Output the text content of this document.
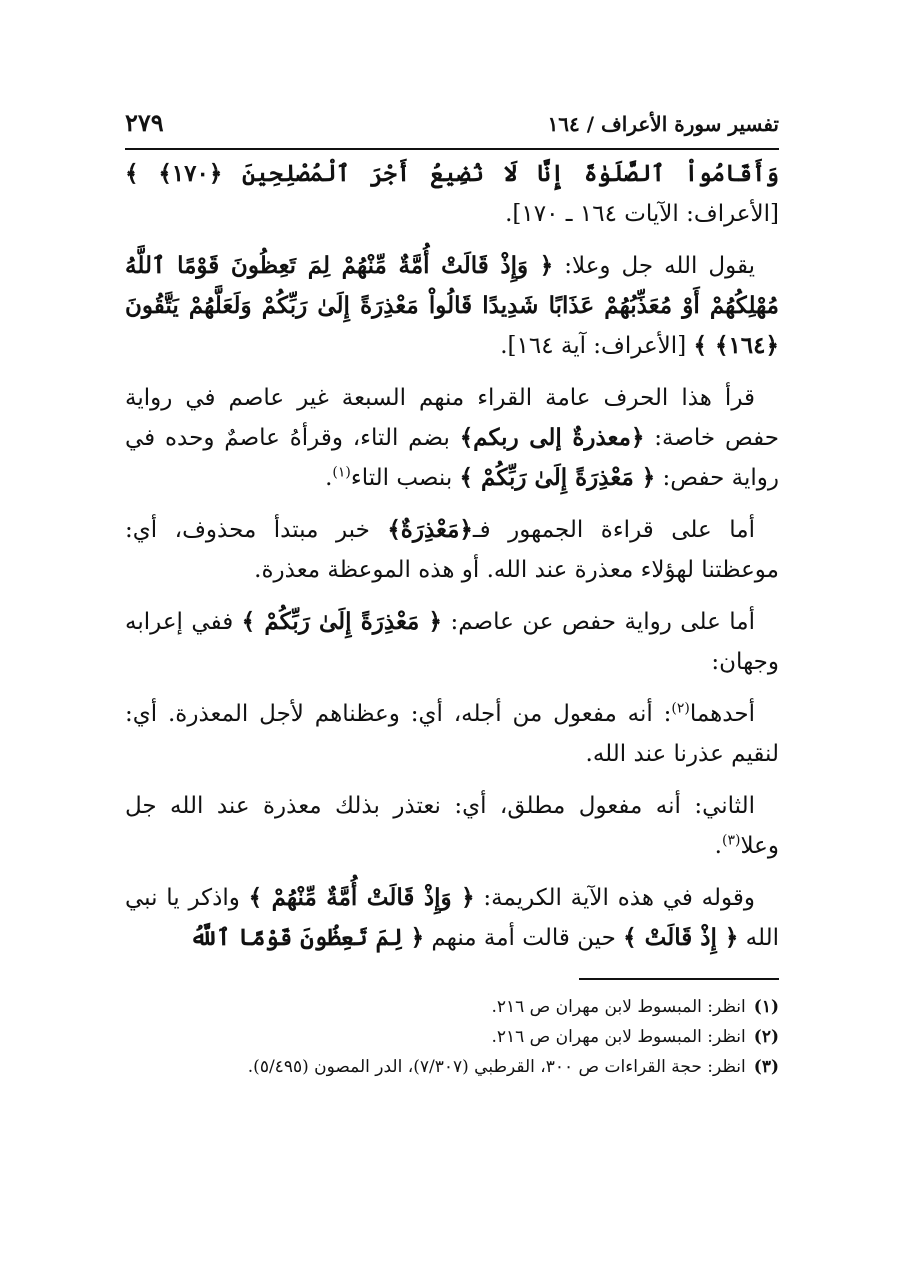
تفسير سورة الأعراف / ١٦٤
٢٧٩

وَأَقَامُواْ ٱلصَّلَوٰةَ إِنَّا لَا نُضِيعُ أَجْرَ ٱلْمُصْلِحِينَ ﴿١٧٠﴾ ﴾ [الأعراف: الآيات ١٦٤ ـ ١٧٠].

يقول الله جل وعلا: ﴿ وَإِذْ قَالَتْ أُمَّةٌ مِّنْهُمْ لِمَ تَعِظُونَ قَوْمًا ٱللَّهُ مُهْلِكُهُمْ أَوْ مُعَذِّبُهُمْ عَذَابًا شَدِيدًا قَالُواْ مَعْذِرَةً إِلَىٰ رَبِّكُمْ وَلَعَلَّهُمْ يَتَّقُونَ ﴿١٦٤﴾ ﴾ [الأعراف: آية ١٦٤].

قرأ هذا الحرف عامة القراء منهم السبعة غير عاصم في رواية حفص خاصة: ﴿معذرةٌ إلى ربكم﴾ بضم التاء، وقرأهُ عاصمٌ وحده في رواية حفص: ﴿ مَعْذِرَةً إِلَىٰ رَبِّكُمْ ﴾ بنصب التاء$^{(١)}$.

أما على قراءة الجمهور فـ﴿مَعْذِرَةٌ﴾ خبر مبتدأ محذوف، أي: موعظتنا لهؤلاء معذرة عند الله. أو هذه الموعظة معذرة.

أما على رواية حفص عن عاصم: ﴿ مَعْذِرَةً إِلَىٰ رَبِّكُمْ ﴾ ففي إعرابه وجهان:

أحدهما$^{(٢)}$: أنه مفعول من أجله، أي: وعظناهم لأجل المعذرة. أي: لنقيم عذرنا عند الله.

الثاني: أنه مفعول مطلق، أي: نعتذر بذلك معذرة عند الله جل وعلا$^{(٣)}$.

وقوله في هذه الآية الكريمة: ﴿ وَإِذْ قَالَتْ أُمَّةٌ مِّنْهُمْ ﴾ واذكر يا نبي الله ﴿ إِذْ قَالَتْ ﴾ حين قالت أمة منهم ﴿ لِمَ تَعِظُونَ قَوْمًا ٱللَّهُ

(١)انظر: المبسوط لابن مهران ص ٢١٦.

(٢)انظر: المبسوط لابن مهران ص ٢١٦.

(٣)انظر: حجة القراءات ص ٣٠٠، القرطبي (٧/٣٠٧)، الدر المصون (٥/٤٩٥).
